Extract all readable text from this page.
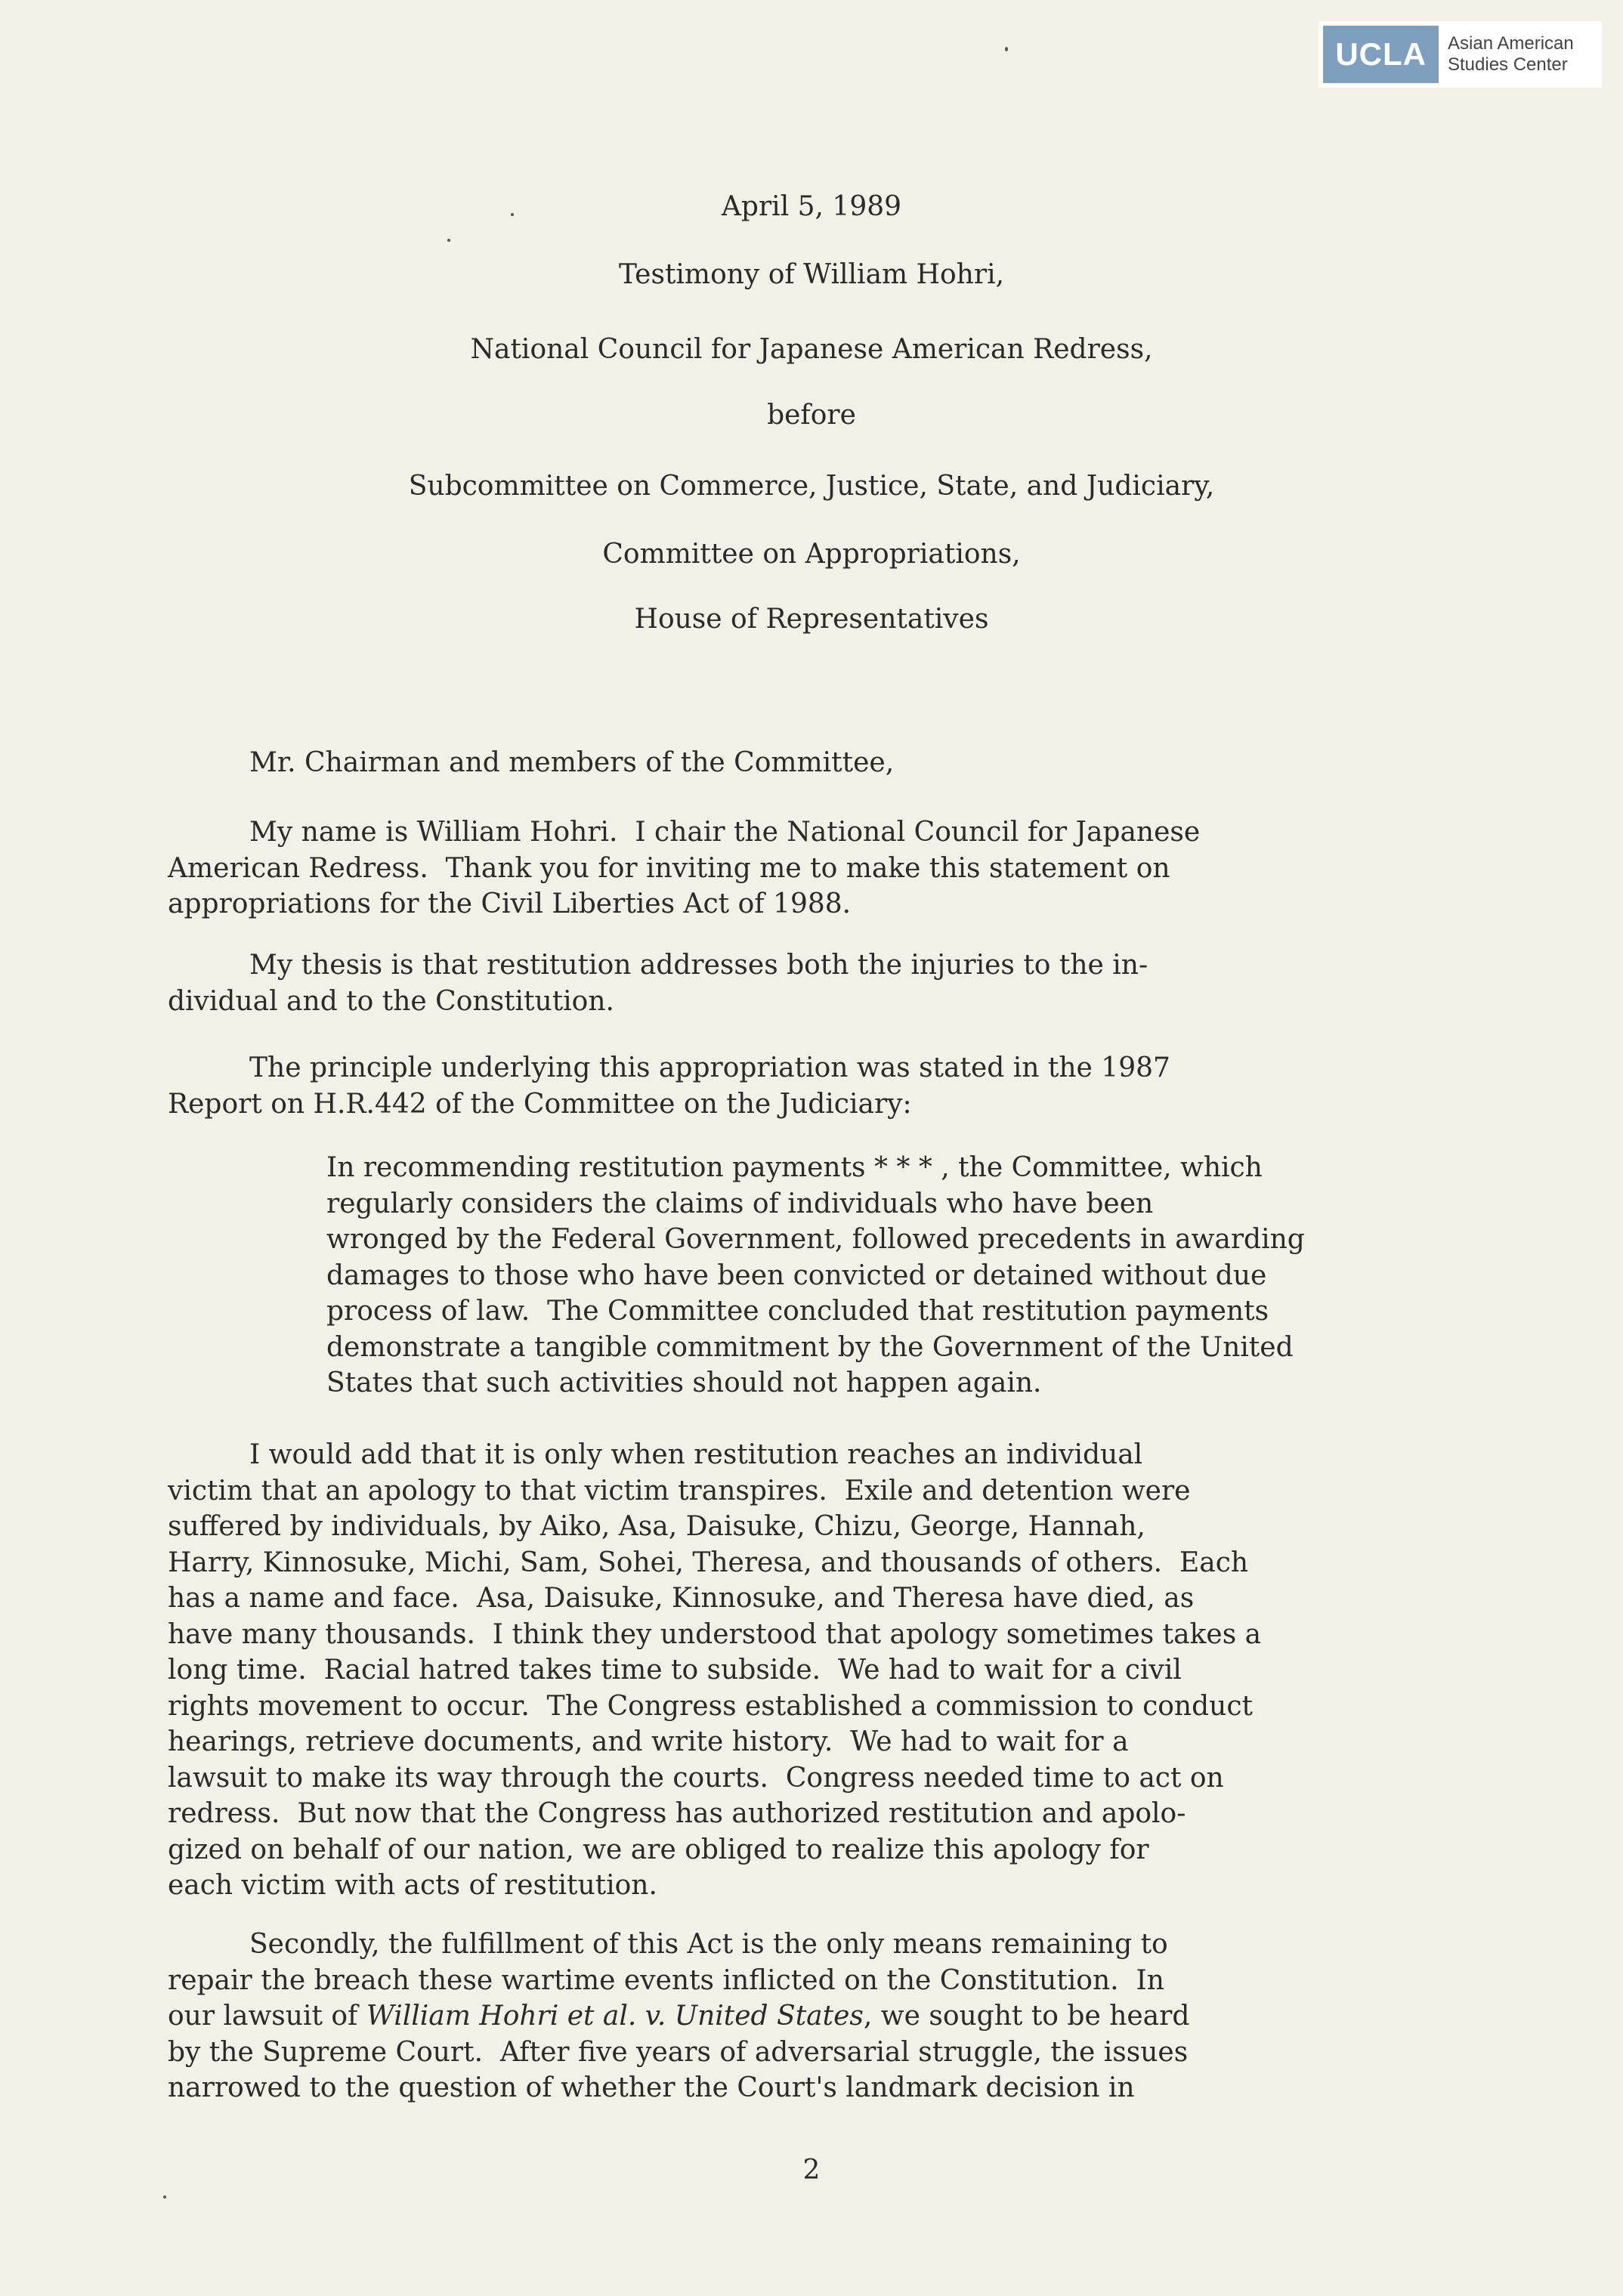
UCLA	Asian American Studies Center
April 5, 1989
Testimony of William Hohri,
National Council for Japanese American Redress,
before
Subcommittee on Commerce, Justice, State, and Judiciary,
Committee on Appropriations,
House of Representatives
Mr. Chairman and members of the Committee,
My name is William Hohri.  I chair the National Council for Japanese
American Redress.  Thank you for inviting me to make this statement on
appropriations for the Civil Liberties Act of 1988.
My thesis is that restitution addresses both the injuries to the in-
dividual and to the Constitution.
The principle underlying this appropriation was stated in the 1987
Report on H.R.442 of the Committee on the Judiciary:
In recommending restitution payments * * * , the Committee, which
regularly considers the claims of individuals who have been
wronged by the Federal Government, followed precedents in awarding
damages to those who have been convicted or detained without due
process of law.  The Committee concluded that restitution payments
demonstrate a tangible commitment by the Government of the United
States that such activities should not happen again.
I would add that it is only when restitution reaches an individual
victim that an apology to that victim transpires.  Exile and detention were
suffered by individuals, by Aiko, Asa, Daisuke, Chizu, George, Hannah,
Harry, Kinnosuke, Michi, Sam, Sohei, Theresa, and thousands of others.  Each
has a name and face.  Asa, Daisuke, Kinnosuke, and Theresa have died, as
have many thousands.  I think they understood that apology sometimes takes a
long time.  Racial hatred takes time to subside.  We had to wait for a civil
rights movement to occur.  The Congress established a commission to conduct
hearings, retrieve documents, and write history.  We had to wait for a
lawsuit to make its way through the courts.  Congress needed time to act on
redress.  But now that the Congress has authorized restitution and apolo-
gized on behalf of our nation, we are obliged to realize this apology for
each victim with acts of restitution.
Secondly, the fulfillment of this Act is the only means remaining to
repair the breach these wartime events inflicted on the Constitution.  In
our lawsuit of William Hohri et al. v. United States, we sought to be heard
by the Supreme Court.  After five years of adversarial struggle, the issues
narrowed to the question of whether the Court's landmark decision in
2
